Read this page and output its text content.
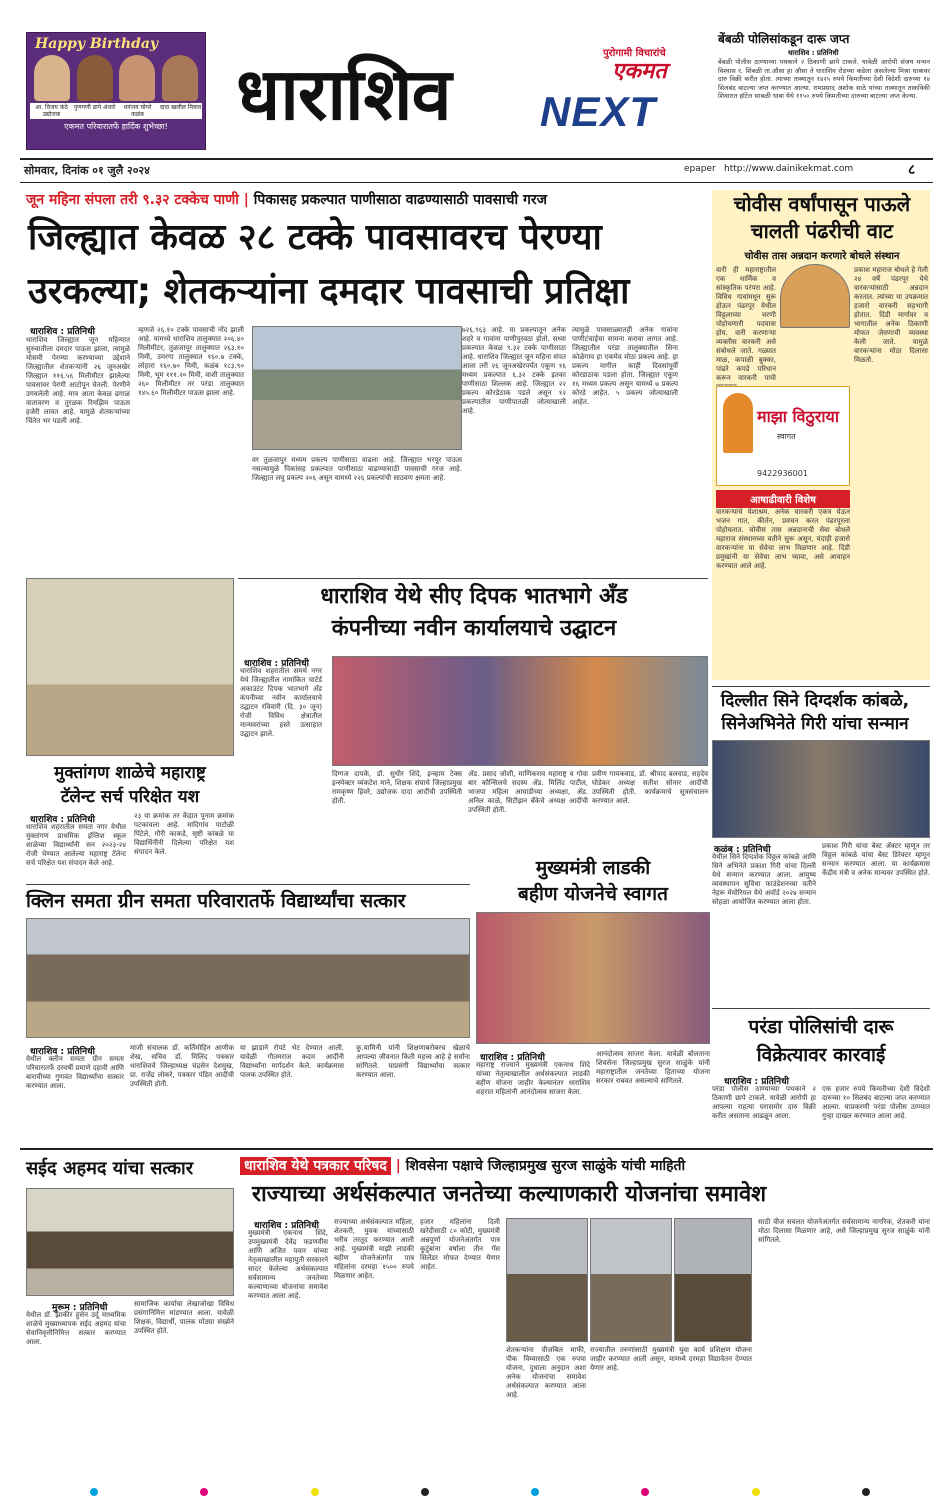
Happy Birthday
आ. विजय कंठे उद्योजक
पुणगणी ढापे अंधारे	धनंजय घोगरे कळंब
दादा खलील मित्राव
एकमत परिवारातर्फे हार्दिक शुभेच्छा! धाराशिव	पुरोगामी विचारांचे
एकमत
NEXT
बेंबळी पोलिसांकडून दारू जप्त
धाराशिव : प्रतिनिधी
बेंबळी पोलीस ठाण्याच्या पथकाने २ ठिकाणी छापे टाकले. यावेळी आरोपी संजय मन्मन विश्वास र. शिंबळी ता.औसा हा औसा ते धाराशिव रोडच्या कडेला असलेल्या मिश्रा धाबावर दारु विक्री करीत होता. त्याच्या ताब्यातून १४२५ रुपये किमतीच्या देशी विदेशी दारुच्या १४ सिलबंद बाटल्या जप्त करण्यात आल्या. रामप्रसाद अशोक साठे यांच्या ताब्यातून ताकविकी शिवारात हॉटेल साबळी धाबा येथे ११५० रुपये किमतीच्या दारुच्या बाटल्या जप्त केल्या.
सोमवार, दिनांक ०१ जुलै २०२४	epaper http://www.dainikekmat.com	८
जून महिना संपला तरी ९.३२ टक्केच पाणी | पिकासह प्रकल्पात पाणीसाठा वाढण्यासाठी पावसाची गरज
जिल्ह्यात केवळ २८ टक्के पावसावरच पेरण्या
उरकल्या; शेतकऱ्यांना दमदार पावसाची प्रतिक्षा
धाराशिव : प्रतिनिधी
धाराशिव जिल्ह्यात जून महिन्यात सुरुवातीला दमदार पाऊस झाला, त्यामुळे मोसमी पेरण्या करण्याच्या उद्देशाने जिल्ह्यातील शेतकऱ्यांनी २६ जूनअखेर जिल्ह्यात ११६.५६ मिलीमीटर झालेल्या पावसावर पेरणी आटोपून घेतली. पेरणीने उगवलेली आहे. मात्र आता केवळ ढगाळ वातावरण व तुरळक रिमझिम पाऊस हजेरी लावत आहे. यामुळे शेतकऱ्यांच्या चिंतेत भर पडली आहे.
म्हणजे २६.१० टक्के पावसाची नोंद झाली आहे. यामध्ये धाराशिव तालुक्यात २०६.४० मिलीमीटर, तुळजापूर तालुक्यात २६३.१० मिमी, उमरगा तालुक्यात १६०.७ टक्के, लोहारा १६०.७० मिमी, कळंब १८३.९० मिमी, भूम १११.२० मिमी, वाशी तालुक्यात २६० मिलीमीटर तर परंडा तालुक्यात १४५.६० मिलीमीटर पाऊस झाला आहे.
वर तुळजापुर मध्यम प्रकल्प पाणीसाठा वाढला आहे. जिल्ह्यात भरपूर पाऊस नसल्यामुळे पिकांसह प्रकल्पात पाणीसाठा वाढण्यासाठी पावसाची गरज आहे. जिल्ह्यात लघु प्रकल्प २०६ असून यामध्ये २२६ प्रकल्पांची साठवण क्षमता आहे.
७२६.९६३ आहे. या प्रकल्पातून अनेक शहरे व गावांना पाणीपुरवठा होतो. सध्या प्रकल्पात केवळ ९.३२ टक्के पाणीसाठा आहे. धाराशिव जिल्ह्यात जून महिना संपत आला तरी २६ जूनअखेरपर्यंत एकूण १६ मध्यम प्रकल्पात ६.३२ टक्के इतका पाणीसाठा शिल्लक आहे. जिल्ह्यात २२ प्रकल्प कोरडेठाक पडले असून १२ प्रकल्पातील पाणीपातळी जोत्याखाली आहे.
त्यामुळे पावसाळ्यातही अनेक गावांना पाणीटंचाईचा सामना करावा लागत आहे. जिल्ह्यातील परंडा तालुक्यातील सिना कोळेगाव हा एकमेव मोठा प्रकल्प आहे. हा प्रकल्प मागील काही दिवसांपूर्वी कोरडाठाक पडला होता. जिल्ह्यात एकूण १६ मध्यम प्रकल्प असून यामध्ये ७ प्रकल्प कोरडे आहेत. ५ प्रकल्प जोत्याखाली आहेत.
चोवीस वर्षांपासून पाऊले
चालती पंढरीची वाट
चोवीस तास अन्नदान करणारे बोधले संस्थान
वारी ही महाराष्ट्रातील एक धार्मिक व सांस्कृतिक परंपरा आहे. विविध गावांमधून सुरू होऊन पंढरपूर येथील विठ्ठलाच्या चरणी पोहोचणारी पदयात्रा होय. वारी करणाऱ्या व्यक्तीस वारकरी असे संबोधले जाते. गळ्यात माळ, कपाळी बुक्का, पांढरे कपडे परिधान करून वारकरी पायी
प्रकाश महाराज बोधले हे गेली २४ वर्षे पंढरपूर येथे वारकऱ्यांसाठी अन्नदान करतात. त्यांच्या या उपक्रमात हजारो वारकरी सहभागी होतात. दिंडी मार्गावर व भागातील अनेक ठिकाणी मोफत जेवणाची व्यवस्था केली जाते. यामुळे वारकऱ्यांना मोठा दिलासा मिळतो.
माझा विठुराया
स्वागत
9422936001
आषाढीवारी विशेष
वारकऱ्यांचे येशाश्रम. अनेक वारकरी एकत्र येऊन भजन गात, कीर्तन, प्रवचन करत पंढरपूरला पोहोचतात. चोवीस तास अन्नदानाची सेवा बोधले महाराज संस्थानच्या वतीने सुरू असून, यंदाही हजारो वारकऱ्यांना या सेवेचा लाभ मिळणार आहे. दिंडी प्रमुखांनी या सेवेचा लाभ घ्यावा, असे आवाहन करण्यात आले आहे.
धाराशिव येथे सीए दिपक भातभागे अँड
कंपनीच्या नवीन कार्यालयाचे उद्घाटन
धाराशिव : प्रतिनिधी
धाराशिव शहरातील समर्थ नगर येथे जिल्ह्यातील नामांकित चार्टर्ड अकाउंटंट दिपक भातभागे अँड कंपनीच्या नवीन कार्यालयाचे उद्घाटन रविवारी (दि. ३० जून) रोजी विविध क्षेत्रातील मान्यवरांच्या हस्ते उत्साहात उद्घाटन झाले.
दिग्गज दापके, डॉ. सुधीर शिंदे, इन्व्हाय टेक्स इन्स्पेक्टर व्यंकटेश माने, शिक्षक संघाचे जिल्हाप्रमुख रामकृष्ण हिवरे, उद्योजक दादा आदींची उपस्थिती होती.
ॲड. प्रसाद जोशी, माणिकराव महाराष्ट्र व गोवा बार कौन्सिलचे सदस्य ॲड. मिलिंद पाटील, भाजपा महिला आघाडीच्या अध्यक्षा, ॲड. अनिल काळे, सिटीझन बँकेचे अध्यक्ष आदींची उपस्थिती होती.
प्रवीण गायकवाड, डॉ. श्रीपाद बलवाड, सहदेव घोडेकर अध्यक्ष सतीश सोनार आदींची उपस्थिती होती. कार्यक्रमाचे सूत्रसंचालन करण्यात आले.
मुक्तांगण शाळेचे महाराष्ट्र
टॅलेन्ट सर्च परिक्षेत यश
धाराशिव : प्रतिनिधी
धाराशिव शहरातील समता नगर येथील मुक्तांगण प्राथमिक इंग्लिश स्कूल शाळेच्या विद्यार्थ्यांनी सन २०२३-२४ रोजी घेण्यात आलेल्या महाराष्ट्र टॅलेन्ट सर्च परिक्षेत यश संपादन केले आहे.
२३ या क्रमांक तर केंद्रात पूनाम क्रमांक पटकावला आहे. मादिगांव पाटोळी पिंटेले, गौरी काकडे, सृष्टी कांबळे या विद्यार्थिनींनी दिलेल्या परिक्षेत यश संपादन केले.
दिल्लीत सिने दिग्दर्शक कांबळे,
सिनेअभिनेते गिरी यांचा सन्मान
कळंब : प्रतिनिधी
येथील सिने दिग्दर्शक विठ्ठल कांबळे आणि सिने अभिनेते प्रकाश गिरी यांचा दिल्ली येथे सन्मान करण्यात आला. आयुष्य व्यवस्थापन सुविधा फाउंडेशनच्या वतीने नेहरू मेमोरियल येथे अवॉर्ड २०२४ सन्मान सोहळा आयोजित करण्यात आला होता.
प्रकाश गिरी यांचा बेस्ट ॲक्टर म्हणून तर विठ्ठल कांबळे यांचा बेस्ट डिरेक्टर म्हणून सन्मान करण्यात आला. या कार्यक्रमास केंद्रीय मंत्री व अनेक मान्यवर उपस्थित होते.
क्लिन समता ग्रीन समता परिवारातर्फे विद्यार्थ्यांचा सत्कार
धाराशिव : प्रतिनिधी
येथील क्लीन समता ग्रीन समता परिवारातर्फे दरवर्षी प्रमाणे दहावी आणि बारावीच्या गुणवंत विद्यार्थ्यांचा सत्कार करण्यात आला.
माजी संचालक डॉ. कर्तिमोहिन आणीक शेख, सचिव डॉ. मिलिंद पत्रकार धाराशिवचे जिल्हाध्यक्ष चंद्रसेन देशमुख, प्रा. राजेंद्र लोकरे, पत्रकार पंडित आदींची उपस्थिती होती.
या झाडाने रोपटे भेट देण्यात आली. यावेळी गौतमराज कदम आदींनी विद्यार्थ्यांना मार्गदर्शन केले. कार्यक्रमास पालक उपस्थित होते.
कु.यामिनी यांनी शिक्षणाबरोबरच खेळाचे आपल्या जीवनात किती महत्त्व आहे हे सर्वांना सांगितले. याप्रसंगी विद्यार्थ्यांचा सत्कार करण्यात आला.
मुख्यमंत्री लाडकी
बहीण योजनेचे स्वागत
धाराशिव : प्रतिनिधी
महाराष्ट्र राज्याने मुख्यमंत्री एकनाथ शिंदे यांच्या नेतृत्वाखालील अर्थसंकल्पात लाडकी बहीण योजना जाहीर केल्यानंतर धाराशिव शहरात महिलांनी आनंदोत्सव साजरा केला.
आनंदोत्सव साजरा केला. यावेळी बोलताना शिवसेना जिल्हाप्रमुख सुरज साळुंके यांनी महाराष्ट्रातील जनतेच्या हिताच्या योजना सरकार राबवत असल्याचे सांगितले.
परंडा पोलिसांची दारू
विक्रेत्यावर कारवाई
धाराशिव : प्रतिनिधी
परंडा पोलीस ठाण्याच्या पथकाने २ ठिकाणी छापे टाकले. यावेळी आरोपी हा आपल्या राहत्या घरासमोर दारु विक्री करीत असताना आढळून आला.
एक हजार रुपये किमतीच्या देशी विदेशी दारुच्या १० सिलबंद बाटल्या जप्त करण्यात आल्या. याप्रकरणी परंडा पोलीस ठाण्यात गुन्हा दाखल करण्यात आला आहे.
सईद अहमद यांचा सत्कार
मुरूम : प्रतिनिधी
येथील डॉ. झाकीर हुसेन उर्दू माध्यमिक शाळेचे मुख्याध्यापक सईद अहमद यांचा सेवानिवृत्तीनिमित्त सत्कार करण्यात आला.
सामाजिक कार्याचा लेखाजोखा विविध प्रसंगानिमित्त मांडण्यात आला. यावेळी शिक्षक, विद्यार्थी, पालक मोठ्या संख्येने उपस्थित होते.
धाराशिव येथे पत्रकार परिषद | शिवसेना पक्षाचे जिल्हाप्रमुख सुरज साळुंके यांची माहिती
राज्याच्या अर्थसंकल्पात जनतेच्या कल्याणकारी योजनांचा समावेश
धाराशिव : प्रतिनिधी
मुख्यमंत्री एकनाथ शिंदे, उपमुख्यमंत्री देवेंद्र फडणवीस आणि अजित पवार यांच्या नेतृत्वाखालील महायुती सरकारने सादर केलेल्या अर्थसंकल्पात सर्वसामान्य जनतेच्या कल्याणाच्या योजनांचा समावेश करण्यात आला आहे.
राज्याच्या अर्थसंकल्पात महिला, शेतकरी, युवक यांच्यासाठी भरीव तरतूद करण्यात आली आहे. मुख्यमंत्री माझी लाडकी बहीण योजनेअंतर्गत पात्र महिलांना दरमहा १५०० रुपये मिळणार आहेत.
हजार महिलांना दिली खरेदीसाठी ८० कोटी, मुख्यमंत्री अन्नपूर्णा योजनेअंतर्गत पात्र कुटुंबांना वर्षाला तीन गॅस सिलेंडर मोफत देण्यात येणार आहेत.
शेतकऱ्यांना वीजबिल माफी, पीक विम्यासाठी एक रुपया योजना, दुधाला अनुदान अशा अनेक योजनांचा समावेश अर्थसंकल्पात करण्यात आला आहे.
राज्यातील तरुणांसाठी मुख्यमंत्री युवा कार्य प्रशिक्षण योजना जाहीर करण्यात आली असून, यामध्ये दरमहा विद्यावेतन देण्यात येणार आहे.
साठी वीज सवलत योजनेअंतर्गत सर्वसामान्य नागरिक, शेतकरी यांना मोठा दिलासा मिळणार आहे, असे जिल्हाप्रमुख सुरज साळुंके यांनी सांगितले.
